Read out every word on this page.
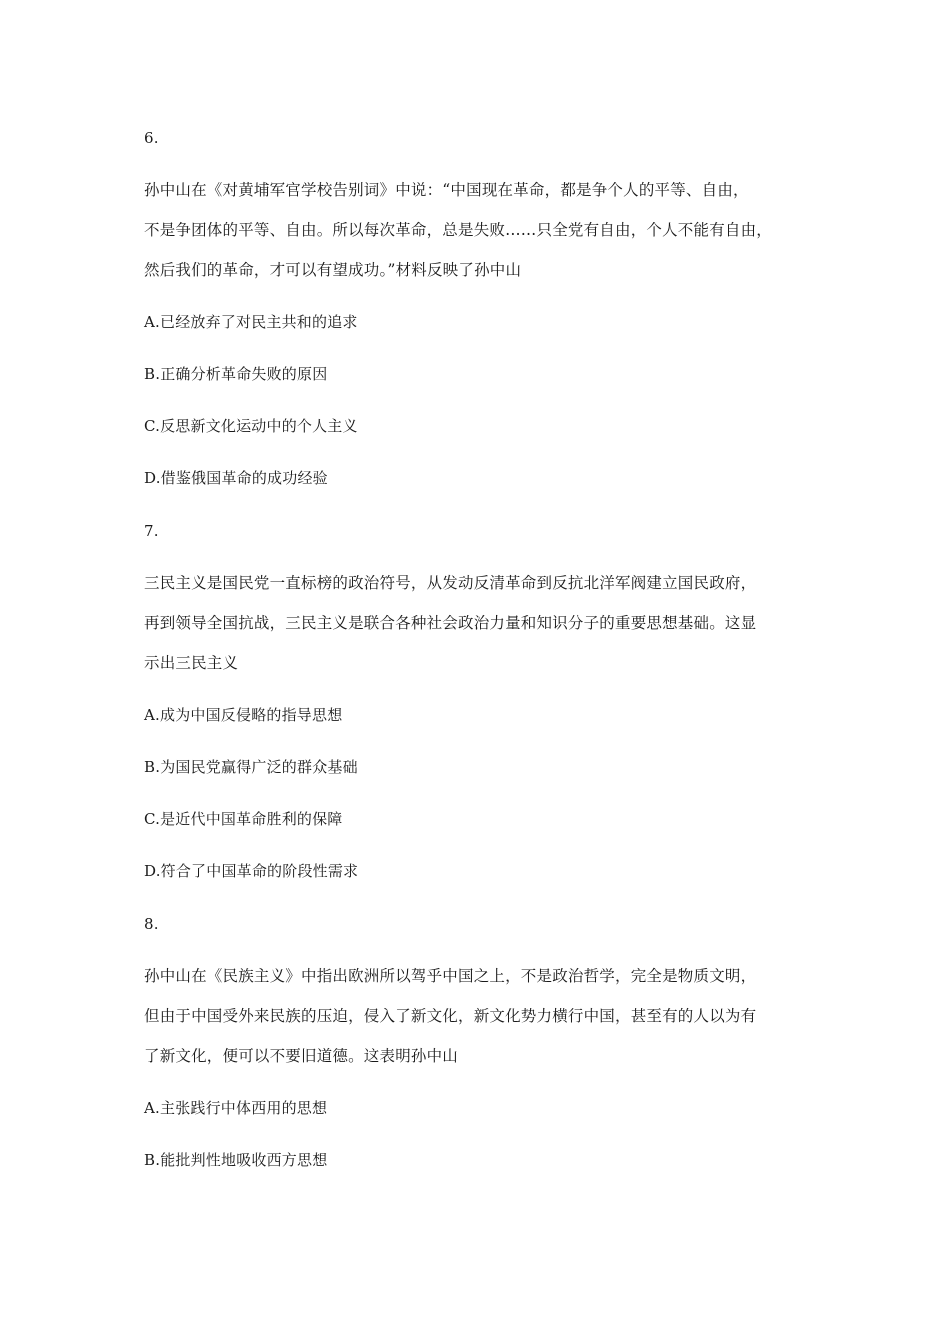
6.
孙中山在《对黄埔军官学校告别词》中说：“中国现在革命，都是争个人的平等、自由，
不是争团体的平等、自由。所以每次革命，总是失败……只全党有自由，个人不能有自由，
然后我们的革命，才可以有望成功。”材料反映了孙中山
A.已经放弃了对民主共和的追求
B.正确分析革命失败的原因
C.反思新文化运动中的个人主义
D.借鉴俄国革命的成功经验
7.
三民主义是国民党一直标榜的政治符号，从发动反清革命到反抗北洋军阀建立国民政府，
再到领导全国抗战，三民主义是联合各种社会政治力量和知识分子的重要思想基础。这显
示出三民主义
A.成为中国反侵略的指导思想
B.为国民党赢得广泛的群众基础
C.是近代中国革命胜利的保障
D.符合了中国革命的阶段性需求
8.
孙中山在《民族主义》中指出欧洲所以驾乎中国之上，不是政治哲学，完全是物质文明，
但由于中国受外来民族的压迫，侵入了新文化，新文化势力横行中国，甚至有的人以为有
了新文化，便可以不要旧道德。这表明孙中山
A.主张践行中体西用的思想
B.能批判性地吸收西方思想
